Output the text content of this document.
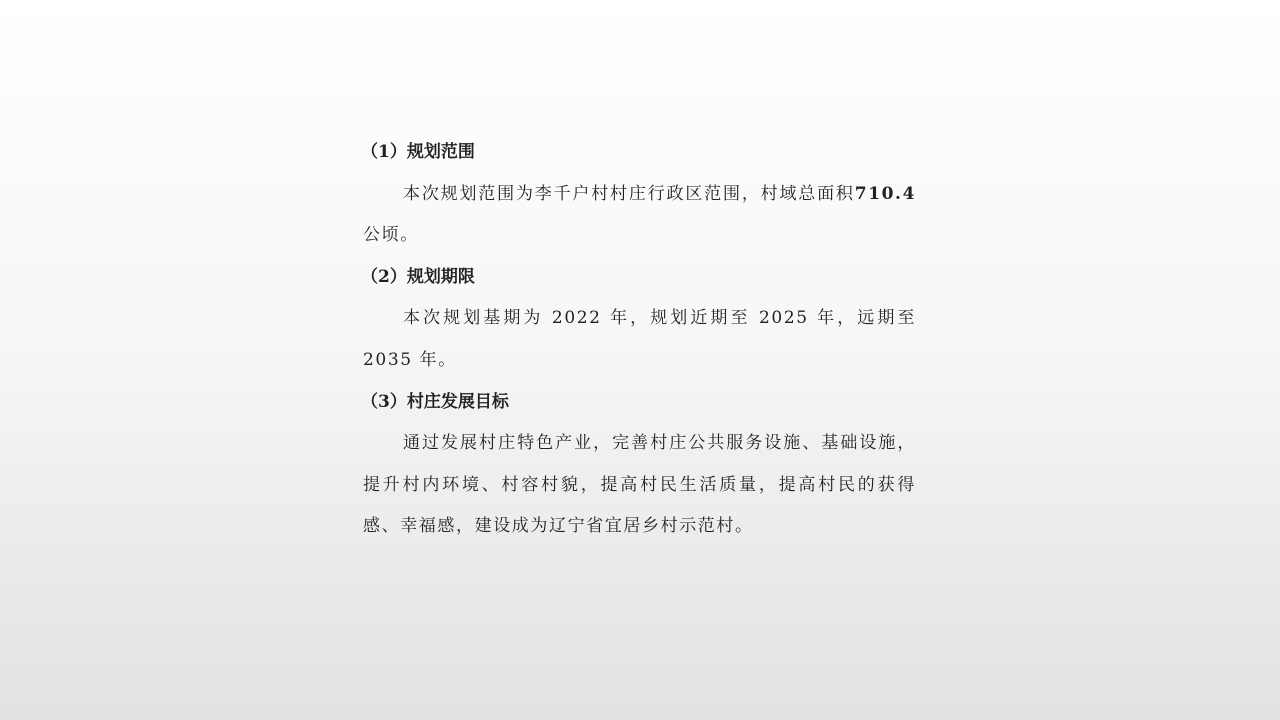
（1）规划范围
本次规划范围为李千户村村庄行政区范围，村域总面积710.4公顷。
（2）规划期限
本次规划基期为 2022 年，规划近期至 2025 年，远期至 2035 年。
（3）村庄发展目标
通过发展村庄特色产业，完善村庄公共服务设施、基础设施，提升村内环境、村容村貌，提高村民生活质量，提高村民的获得感、幸福感，建设成为辽宁省宜居乡村示范村。
